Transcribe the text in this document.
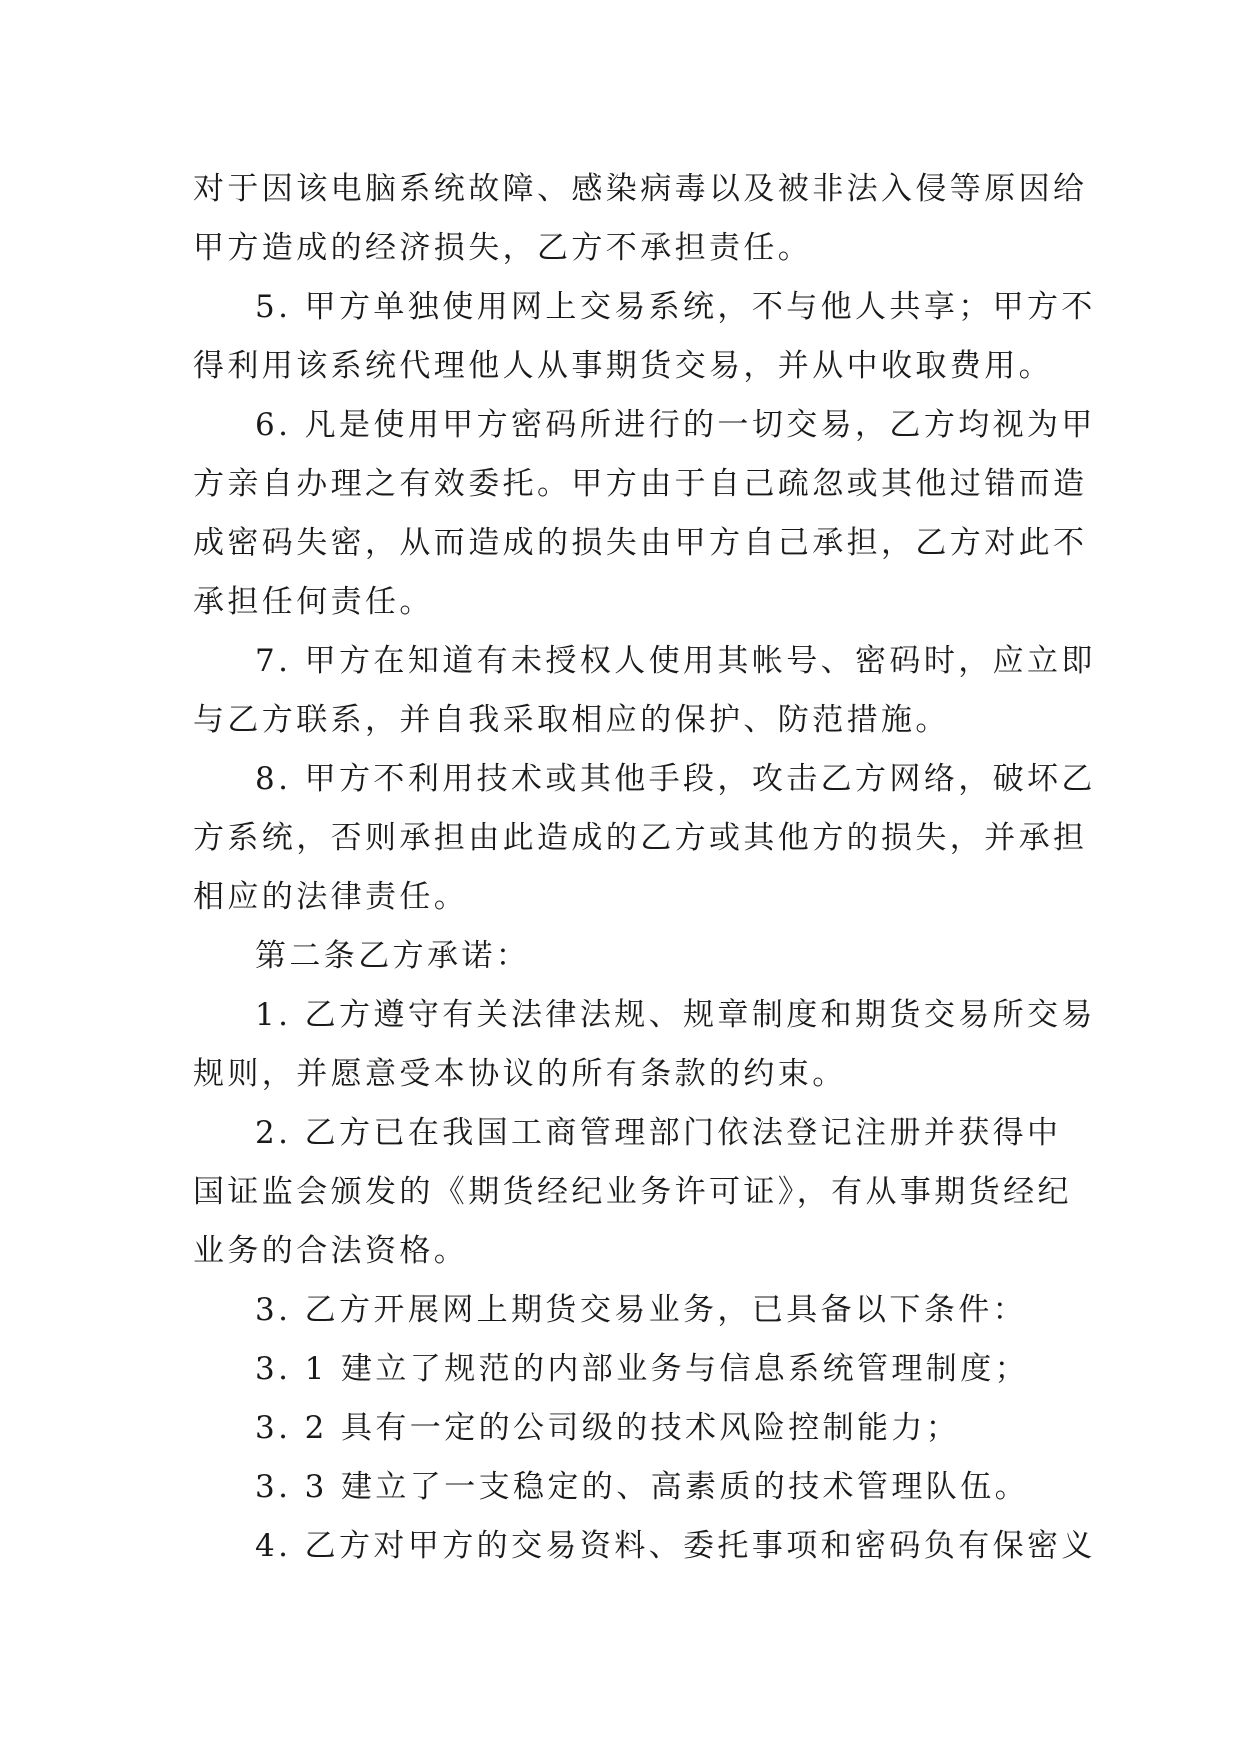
对于因该电脑系统故障、感染病毒以及被非法入侵等原因给
甲方造成的经济损失，乙方不承担责任。
5. 甲方单独使用网上交易系统，不与他人共享；甲方不
得利用该系统代理他人从事期货交易，并从中收取费用。
6. 凡是使用甲方密码所进行的一切交易，乙方均视为甲
方亲自办理之有效委托。甲方由于自己疏忽或其他过错而造
成密码失密，从而造成的损失由甲方自己承担，乙方对此不
承担任何责任。
7. 甲方在知道有未授权人使用其帐号、密码时，应立即
与乙方联系，并自我采取相应的保护、防范措施。
8. 甲方不利用技术或其他手段，攻击乙方网络，破坏乙
方系统，否则承担由此造成的乙方或其他方的损失，并承担
相应的法律责任。
第二条乙方承诺：
1. 乙方遵守有关法律法规、规章制度和期货交易所交易
规则，并愿意受本协议的所有条款的约束。
2. 乙方已在我国工商管理部门依法登记注册并获得中
国证监会颁发的《期货经纪业务许可证》，有从事期货经纪
业务的合法资格。
3. 乙方开展网上期货交易业务，已具备以下条件：
3. 1 建立了规范的内部业务与信息系统管理制度；
3. 2 具有一定的公司级的技术风险控制能力；
3. 3 建立了一支稳定的、高素质的技术管理队伍。
4. 乙方对甲方的交易资料、委托事项和密码负有保密义
